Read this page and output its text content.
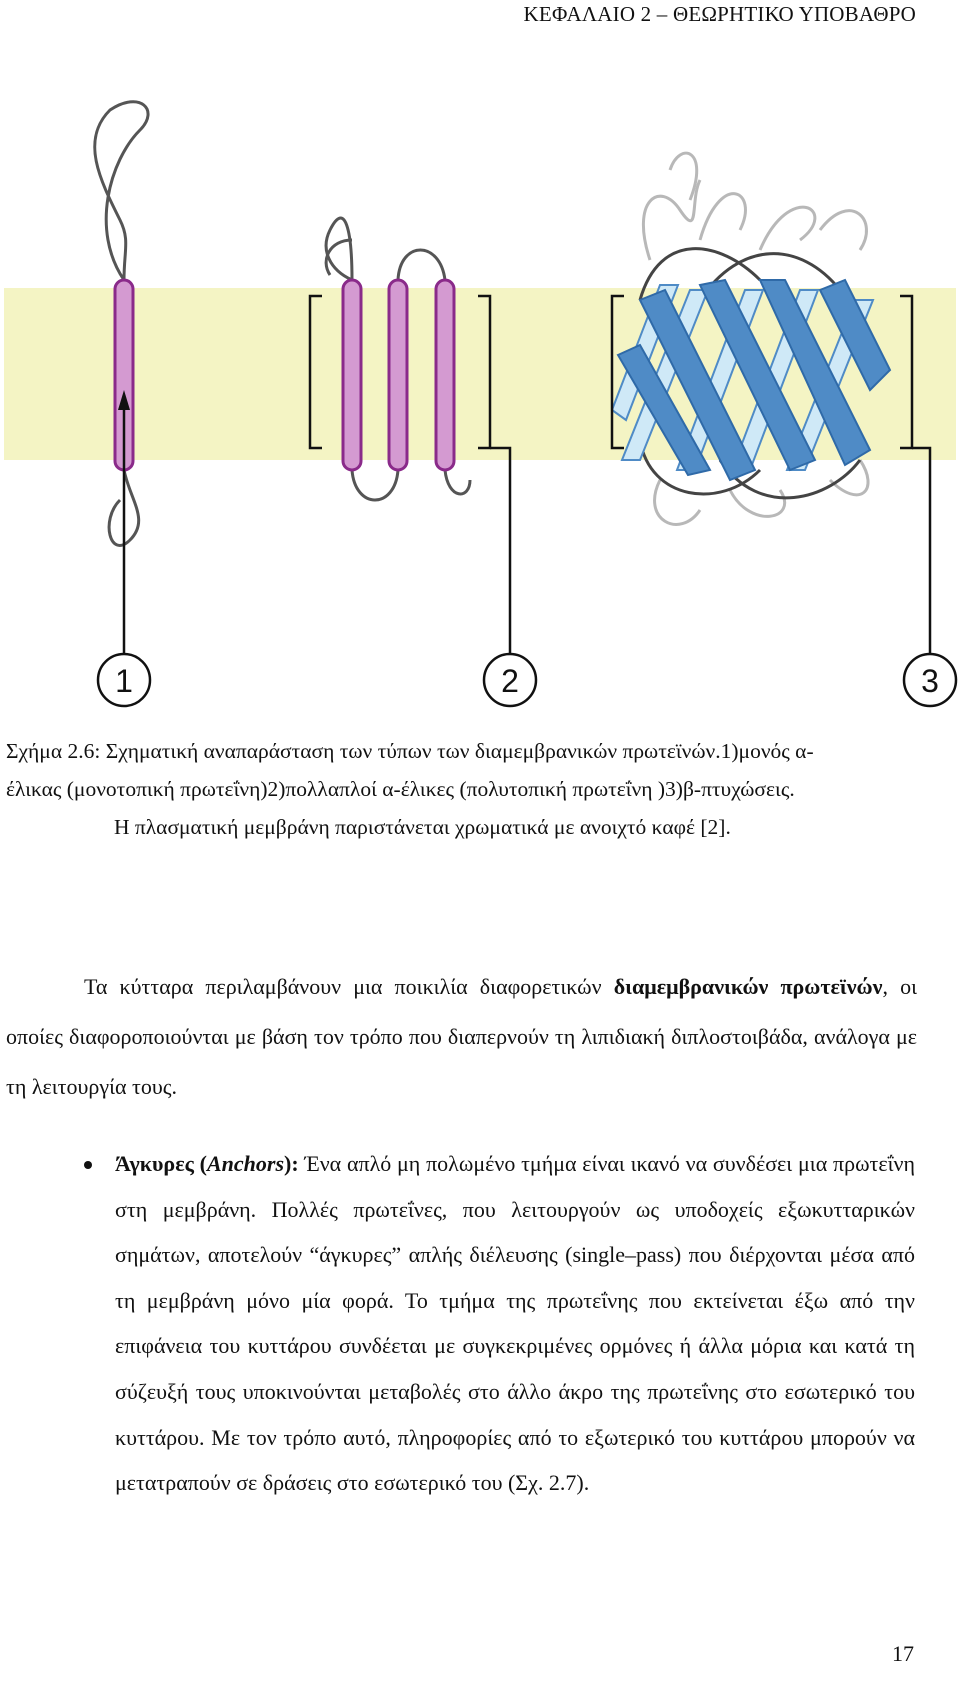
ΚΕΦΑΛΑΙΟ 2 – ΘΕΩΡΗΤΙΚΟ ΥΠΟΒΑΘΡΟ
1	2	3
Σχήμα 2.6: Σχηματική αναπαράσταση των τύπων των διαμεμβρανικών πρωτεϊνών.1)μονός α-
έλικας (μονοτοπική πρωτεΐνη)2)πολλαπλοί α-έλικες (πολυτοπική πρωτεΐνη )3)β-πτυχώσεις.

Η πλασματική μεμβράνη παριστάνεται χρωματικά με ανοιχτό καφέ [2].
Τα κύτταρα περιλαμβάνουν μια ποικιλία διαφορετικών διαμεμβρανικών πρωτεϊνών, οι οποίες διαφοροποιούνται με βάση τον τρόπο που διαπερνούν τη λιπιδιακή διπλοστοιβάδα, ανάλογα με τη λειτουργία τους.
Άγκυρες (Anchors): Ένα απλό μη πολωμένο τμήμα είναι ικανό να συνδέσει μια πρωτεΐνη στη μεμβράνη. Πολλές πρωτεΐνες, που λειτουργούν ως υποδοχείς εξωκυτταρικών σημάτων, αποτελούν “άγκυρες” απλής διέλευσης (single–pass) που διέρχονται μέσα από τη μεμβράνη μόνο μία φορά. Το τμήμα της πρωτεΐνης που εκτείνεται έξω από την επιφάνεια του κυττάρου συνδέεται με συγκεκριμένες ορμόνες ή άλλα μόρια και κατά τη σύζευξή τους υποκινούνται μεταβολές στο άλλο άκρο της πρωτεΐνης στο εσωτερικό του κυττάρου. Με τον τρόπο αυτό, πληροφορίες από το εξωτερικό του κυττάρου μπορούν να μετατραπούν σε δράσεις στο εσωτερικό του (Σχ. 2.7).
17
